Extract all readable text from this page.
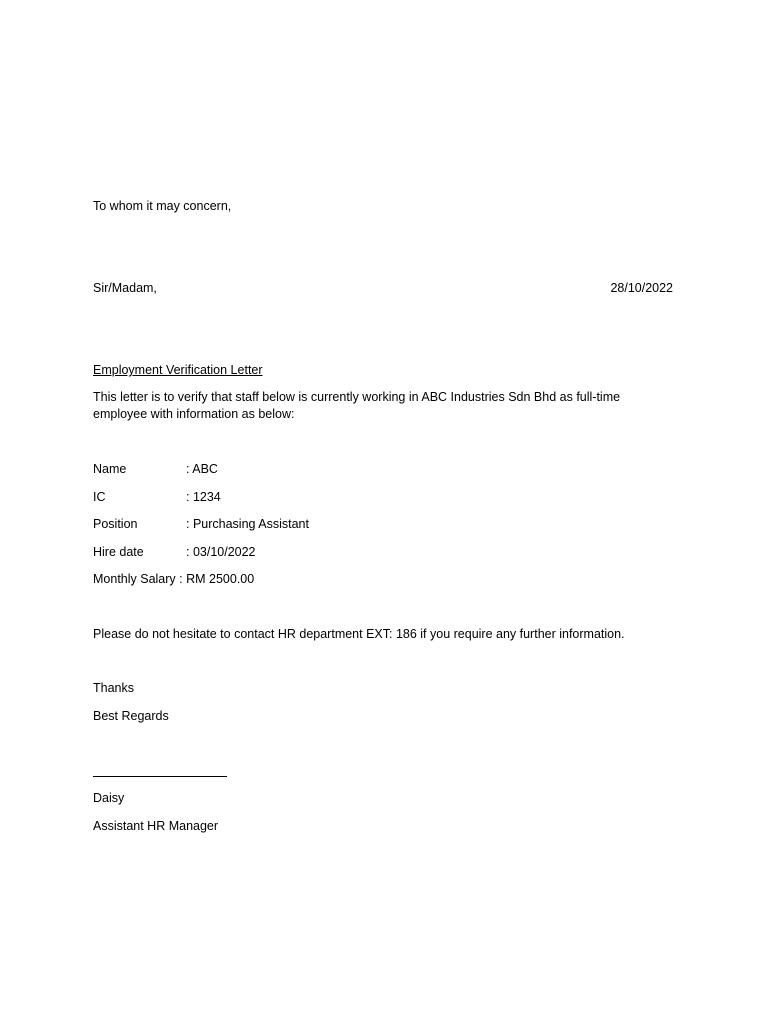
To whom it may concern,
Sir/Madam,	28/10/2022
Employment Verification Letter
This letter is to verify that staff below is currently working in ABC Industries Sdn Bhd as full-time employee with information as below:
Name	: ABC
IC	: 1234
Position	: Purchasing Assistant
Hire date	: 03/10/2022
Monthly Salary : RM 2500.00
Please do not hesitate to contact HR department EXT: 186 if you require any further information.
Thanks
Best Regards
Daisy
Assistant HR Manager
